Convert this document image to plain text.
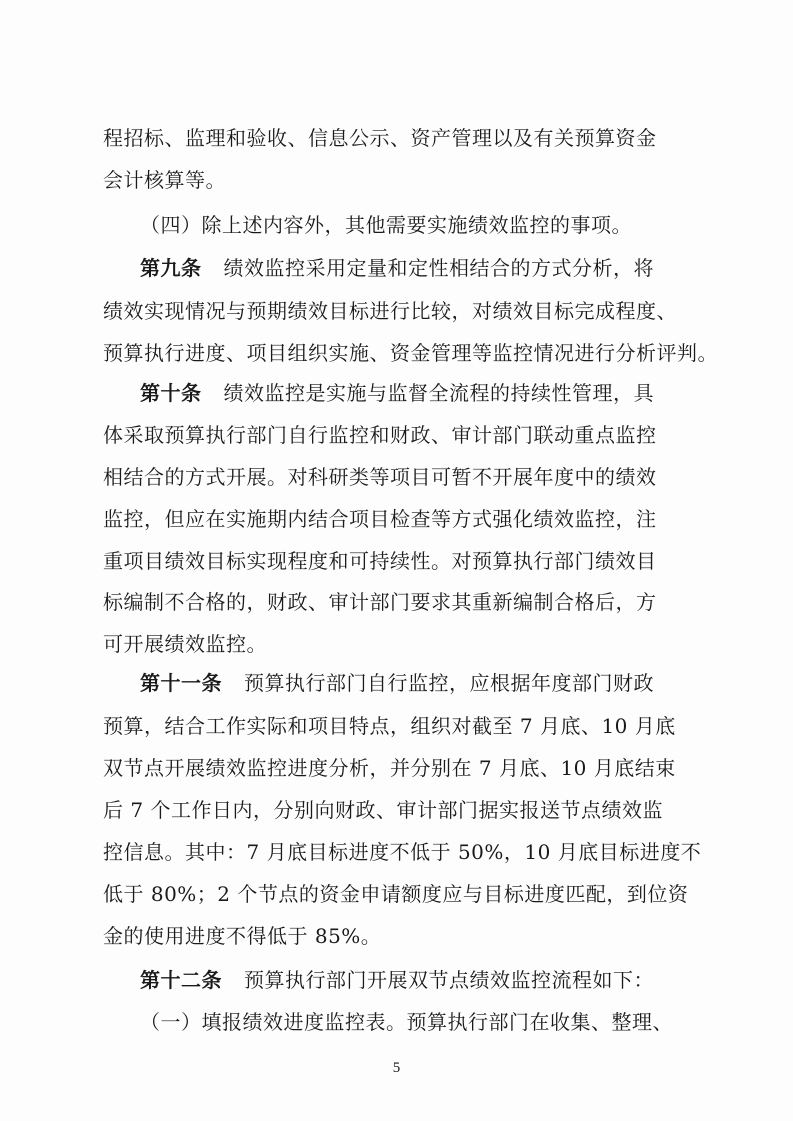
程招标、监理和验收、信息公示、资产管理以及有关预算资金
会计核算等。
（四）除上述内容外，其他需要实施绩效监控的事项。
第九条 绩效监控采用定量和定性相结合的方式分析，将
绩效实现情况与预期绩效目标进行比较，对绩效目标完成程度、
预算执行进度、项目组织实施、资金管理等监控情况进行分析评判。
第十条 绩效监控是实施与监督全流程的持续性管理，具
体采取预算执行部门自行监控和财政、审计部门联动重点监控
相结合的方式开展。对科研类等项目可暂不开展年度中的绩效
监控，但应在实施期内结合项目检查等方式强化绩效监控，注
重项目绩效目标实现程度和可持续性。对预算执行部门绩效目
标编制不合格的，财政、审计部门要求其重新编制合格后，方
可开展绩效监控。
第十一条 预算执行部门自行监控，应根据年度部门财政
预算，结合工作实际和项目特点，组织对截至 7 月底、10 月底
双节点开展绩效监控进度分析，并分别在 7 月底、10 月底结束
后 7 个工作日内，分别向财政、审计部门据实报送节点绩效监
控信息。其中：7 月底目标进度不低于 50%，10 月底目标进度不
低于 80%；2 个节点的资金申请额度应与目标进度匹配，到位资
金的使用进度不得低于 85%。
第十二条 预算执行部门开展双节点绩效监控流程如下：
（一）填报绩效进度监控表。预算执行部门在收集、整理、
5
